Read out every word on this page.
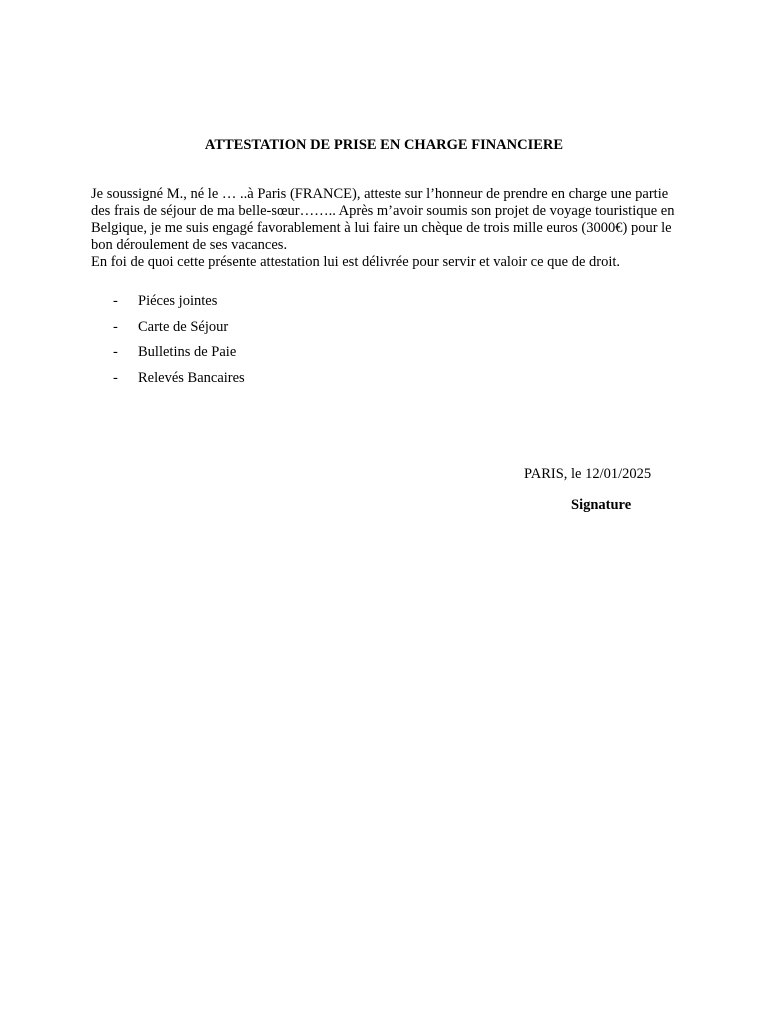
ATTESTATION DE PRISE EN CHARGE FINANCIERE

Je soussigné M., né le … ..à Paris (FRANCE), atteste sur l’honneur de prendre en charge une partie des frais de séjour de ma belle-sœur…….. Après m’avoir soumis son projet de voyage touristique en Belgique, je me suis engagé favorablement à lui faire un chèque de trois mille euros (3000€) pour le bon déroulement de ses vacances.

En foi de quoi cette présente attestation lui est délivrée pour servir et valoir ce que de droit.

-	Piéces jointes
-	Carte de Séjour
-	Bulletins de Paie
-	Relevés Bancaires

PARIS, le 12/01/2025

Signature
